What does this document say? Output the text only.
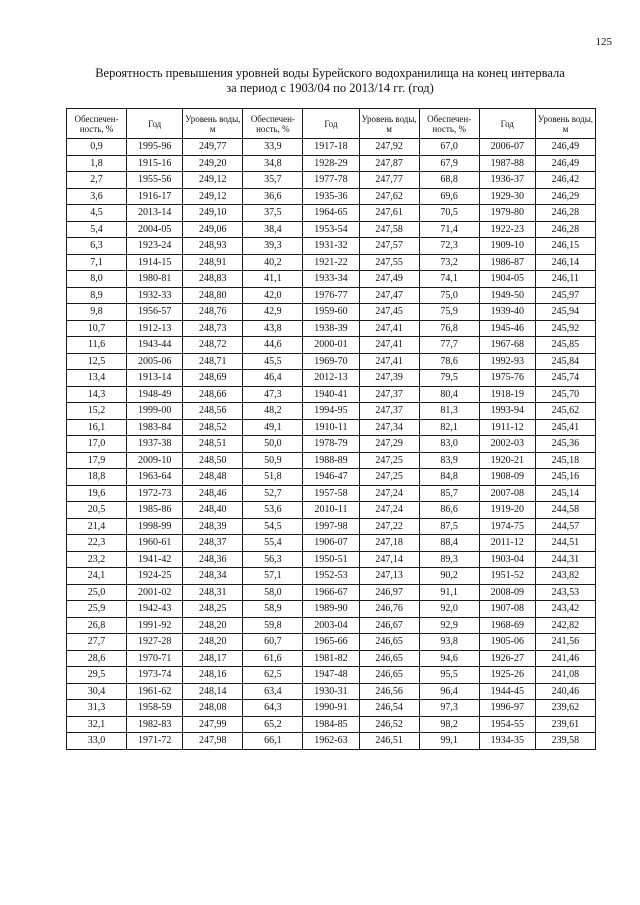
125
Вероятность превышения уровней воды Бурейского водохранилища на конец интервала
за период с 1903/04 по 2013/14 гг. (год)
Обеспечен-ность, %	Год	Уровень воды, м	Обеспечен-ность, %	Год	Уровень воды, м	Обеспечен-ность, %	Год	Уровень воды, м
0,9	1995-96	249,77	33,9	1917-18	247,92	67,0	2006-07	246,49
1,8	1915-16	249,20	34,8	1928-29	247,87	67,9	1987-88	246,49
2,7	1955-56	249,12	35,7	1977-78	247,77	68,8	1936-37	246,42
3,6	1916-17	249,12	36,6	1935-36	247,62	69,6	1929-30	246,29
4,5	2013-14	249,10	37,5	1964-65	247,61	70,5	1979-80	246,28
5,4	2004-05	249,06	38,4	1953-54	247,58	71,4	1922-23	246,28
6,3	1923-24	248,93	39,3	1931-32	247,57	72,3	1909-10	246,15
7,1	1914-15	248,91	40,2	1921-22	247,55	73,2	1986-87	246,14
8,0	1980-81	248,83	41,1	1933-34	247,49	74,1	1904-05	246,11
8,9	1932-33	248,80	42,0	1976-77	247,47	75,0	1949-50	245,97
9,8	1956-57	248,76	42,9	1959-60	247,45	75,9	1939-40	245,94
10,7	1912-13	248,73	43,8	1938-39	247,41	76,8	1945-46	245,92
11,6	1943-44	248,72	44,6	2000-01	247,41	77,7	1967-68	245,85
12,5	2005-06	248,71	45,5	1969-70	247,41	78,6	1992-93	245,84
13,4	1913-14	248,69	46,4	2012-13	247,39	79,5	1975-76	245,74
14,3	1948-49	248,66	47,3	1940-41	247,37	80,4	1918-19	245,70
15,2	1999-00	248,56	48,2	1994-95	247,37	81,3	1993-94	245,62
16,1	1983-84	248,52	49,1	1910-11	247,34	82,1	1911-12	245,41
17,0	1937-38	248,51	50,0	1978-79	247,29	83,0	2002-03	245,36
17,9	2009-10	248,50	50,9	1988-89	247,25	83,9	1920-21	245,18
18,8	1963-64	248,48	51,8	1946-47	247,25	84,8	1908-09	245,16
19,6	1972-73	248,46	52,7	1957-58	247,24	85,7	2007-08	245,14
20,5	1985-86	248,40	53,6	2010-11	247,24	86,6	1919-20	244,58
21,4	1998-99	248,39	54,5	1997-98	247,22	87,5	1974-75	244,57
22,3	1960-61	248,37	55,4	1906-07	247,18	88,4	2011-12	244,51
23,2	1941-42	248,36	56,3	1950-51	247,14	89,3	1903-04	244,31
24,1	1924-25	248,34	57,1	1952-53	247,13	90,2	1951-52	243,82
25,0	2001-02	248,31	58,0	1966-67	246,97	91,1	2008-09	243,53
25,9	1942-43	248,25	58,9	1989-90	246,76	92,0	1907-08	243,42
26,8	1991-92	248,20	59,8	2003-04	246,67	92,9	1968-69	242,82
27,7	1927-28	248,20	60,7	1965-66	246,65	93,8	1905-06	241,56
28,6	1970-71	248,17	61,6	1981-82	246,65	94,6	1926-27	241,46
29,5	1973-74	248,16	62,5	1947-48	246,65	95,5	1925-26	241,08
30,4	1961-62	248,14	63,4	1930-31	246,56	96,4	1944-45	240,46
31,3	1958-59	248,08	64,3	1990-91	246,54	97,3	1996-97	239,62
32,1	1982-83	247,99	65,2	1984-85	246,52	98,2	1954-55	239,61
33,0	1971-72	247,98	66,1	1962-63	246,51	99,1	1934-35	239,58
